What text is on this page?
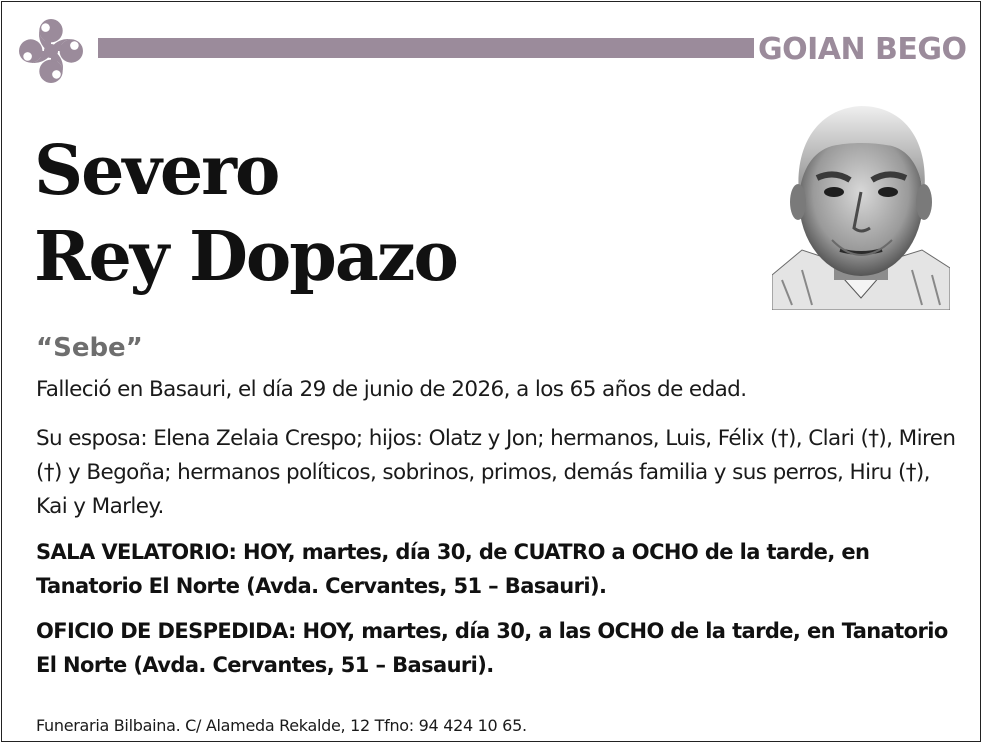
GOIAN BEGO
Severo
Rey Dopazo
“Sebe”
Falleció en Basauri, el día 29 de junio de 2026, a los 65 años de edad.
Su esposa: Elena Zelaia Crespo; hijos: Olatz y Jon; hermanos, Luis, Félix (†), Clari (†), Miren (†) y Begoña; hermanos políticos, sobrinos, primos, demás familia y sus perros, Hiru (†), Kai y Marley.
SALA VELATORIO: HOY, martes, día 30, de CUATRO a OCHO de la tarde, en Tanatorio El Norte (Avda. Cervantes, 51 – Basauri).
OFICIO DE DESPEDIDA: HOY, martes, día 30, a las OCHO de la tarde, en Tanatorio El Norte (Avda. Cervantes, 51 – Basauri).
Funeraria Bilbaina. C/ Alameda Rekalde, 12 Tfno: 94 424 10 65.
